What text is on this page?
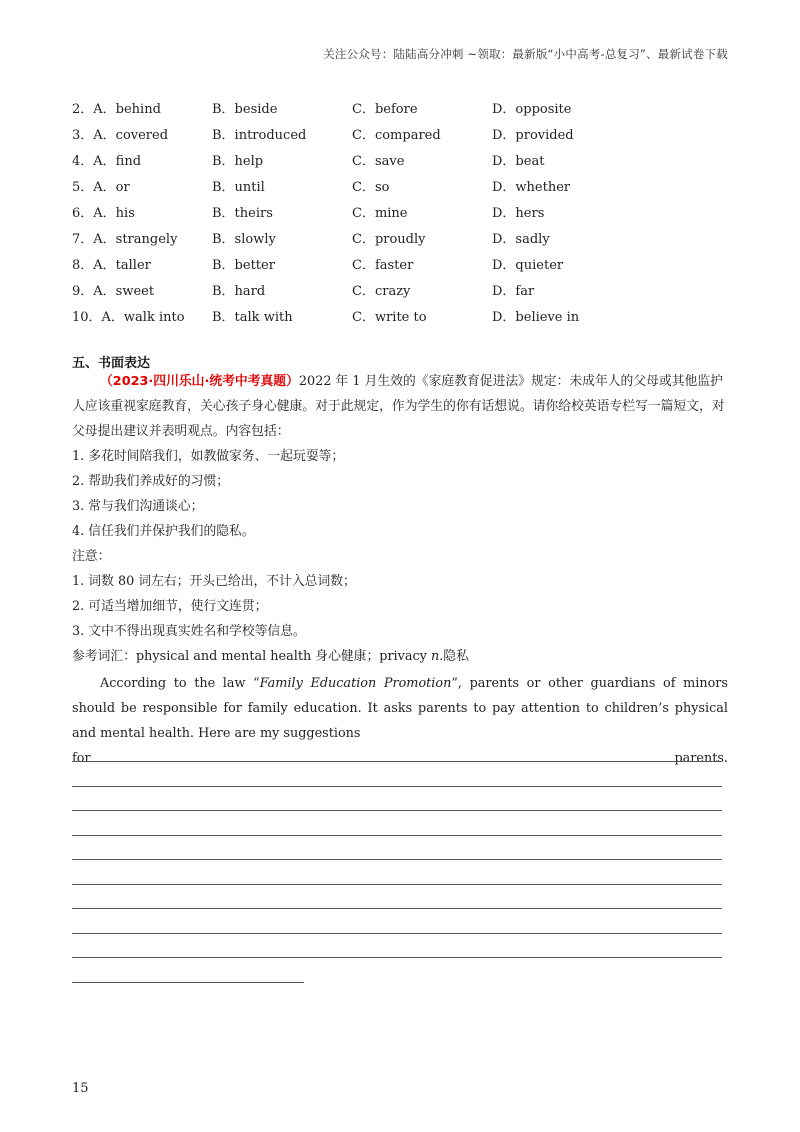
关注公众号：陆陆高分冲刺 ~领取：最新版“小中高考-总复习”、最新试卷下载
2．A．behind	B．beside	C．before	D．opposite
3．A．covered	B．introduced	C．compared	D．provided
4．A．find	B．help	C．save	D．beat
5．A．or	B．until	C．so	D．whether
6．A．his	B．theirs	C．mine	D．hers
7．A．strangely	B．slowly	C．proudly	D．sadly
8．A．taller	B．better	C．faster	D．quieter
9．A．sweet	B．hard	C．crazy	D．far
10．A．walk into	B．talk with	C．write to	D．believe in
五、书面表达

（2023·四川乐山·统考中考真题）2022 年 1 月生效的《家庭教育促进法》规定：未成年人的父母或其他监护人应该重视家庭教育，关心孩子身心健康。对于此规定，作为学生的你有话想说。请你给校英语专栏写一篇短文，对父母提出建议并表明观点。内容包括：

1. 多花时间陪我们，如教做家务、一起玩耍等；

2. 帮助我们养成好的习惯；

3. 常与我们沟通谈心；

4. 信任我们并保护我们的隐私。

注意：

1. 词数 80 词左右；开头已给出，不计入总词数；

2. 可适当增加细节，使行文连贯；

3. 文中不得出现真实姓名和学校等信息。

参考词汇：physical and mental health 身心健康；privacy n.隐私

According to the law “Family Education Promotion”, parents or other guardians of minors should be responsible for family education. It asks parents to pay attention to children’s physical and mental health. Here are my suggestions

for	parents.
15
